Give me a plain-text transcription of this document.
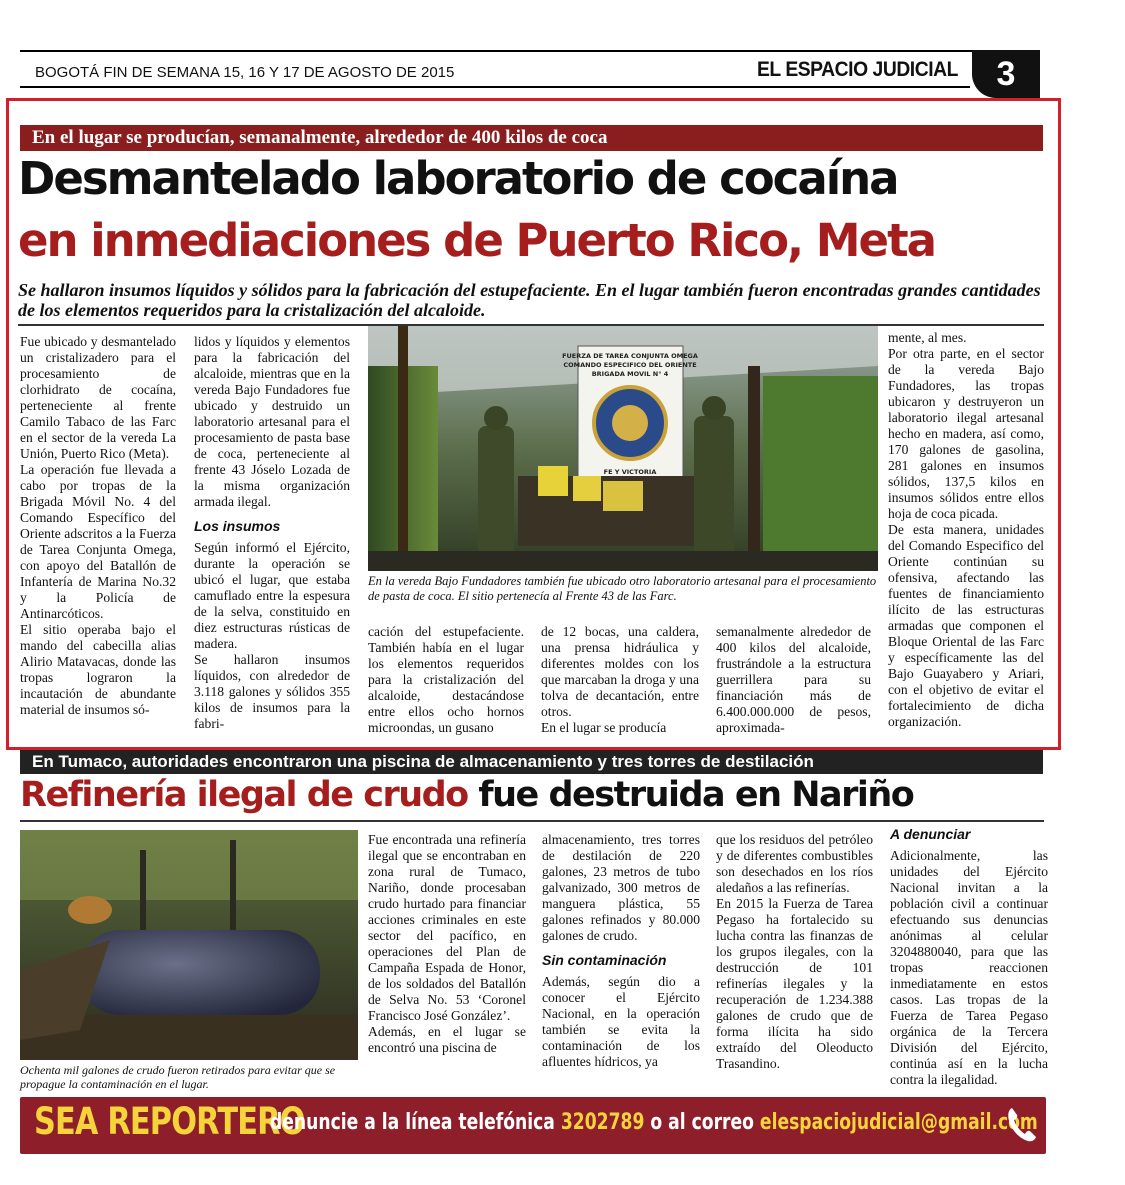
BOGOTÁ FIN DE SEMANA 15, 16 Y 17 DE AGOSTO DE 2015	EL ESPACIO JUDICIAL	3
En el lugar se producían, semanalmente, alrededor de 400 kilos de coca
Desmantelado laboratorio de cocaína
en inmediaciones de Puerto Rico, Meta
Se hallaron insumos líquidos y sólidos para la fabricación del estupefaciente. En el lugar también fueron encontradas grandes cantidades de los elementos requeridos para la cristalización del alcaloide.

Fue ubicado y desmantelado un cristalizadero para el procesamiento de clorhidrato de cocaína, perteneciente al frente Camilo Tabaco de las Farc en el sector de la vereda La Unión, Puerto Rico (Meta).

La operación fue llevada a cabo por tropas de la Brigada Móvil No. 4 del Comando Específico del Oriente adscritos a la Fuerza de Tarea Conjunta Omega, con apoyo del Batallón de Infantería de Marina No.32 y la Policía de Antinarcóticos.

El sitio operaba bajo el mando del cabecilla alias Alirio Matavacas, donde las tropas lograron la incautación de abundante material de insumos só-

lidos y líquidos y elementos para la fabricación del alcaloide, mientras que en la vereda Bajo Fundadores fue ubicado y destruido un laboratorio artesanal para el procesamiento de pasta base de coca, perteneciente al frente 43 Jóselo Lozada de la misma organización armada ilegal.

Los insumos

Según informó el Ejército, durante la operación se ubicó el lugar, que estaba camuflado entre la espesura de la selva, constituido en diez estructuras rústicas de madera.

Se hallaron insumos líquidos, con alrededor de 3.118 galones y sólidos 355 kilos de insumos para la fabri-

FUERZA DE TAREA CONJUNTA OMEGA
COMANDO ESPECIFICO DEL ORIENTE
BRIGADA MOVIL N° 4
FE Y VICTORIA
En la vereda Bajo Fundadores también fue ubicado otro laboratorio artesanal para el procesamiento de pasta de coca. El sitio pertenecía al Frente 43 de las Farc.

cación del estupefaciente. También había en el lugar los elementos requeridos para la cristalización del alcaloide, destacándose entre ellos ocho hornos microondas, un gusano

de 12 bocas, una caldera, una prensa hidráulica y diferentes moldes con los que marcaban la droga y una tolva de decantación, entre otros.

En el lugar se producía

semanalmente alrededor de 400 kilos del alcaloide, frustrándole a la estructura guerrillera para su financiación más de 6.400.000.000 de pesos, aproximada-

mente, al mes.

Por otra parte, en el sector de la vereda Bajo Fundadores, las tropas ubicaron y destruyeron un laboratorio ilegal artesanal hecho en madera, así como, 170 galones de gasolina, 281 galones en insumos sólidos, 137,5 kilos en insumos sólidos entre ellos hoja de coca picada.

De esta manera, unidades del Comando Especifico del Oriente continúan su ofensiva, afectando las fuentes de financiamiento ilícito de las estructuras armadas que componen el Bloque Oriental de las Farc y específicamente las del Bajo Guayabero y Ariari, con el objetivo de evitar el fortalecimiento de dicha organización.

En Tumaco, autoridades encontraron una piscina de almacenamiento y tres torres de destilación
Refinería ilegal de crudo fue destruida en Nariño
Ochenta mil galones de crudo fueron retirados para evitar que se propague la contaminación en el lugar.

Fue encontrada una refinería ilegal que se encontraban en zona rural de Tumaco, Nariño, donde procesaban crudo hurtado para financiar acciones criminales en este sector del pacífico, en operaciones del Plan de Campaña Espada de Honor, de los soldados del Batallón de Selva No. 53 ‘Coronel Francisco José González’.

Además, en el lugar se encontró una piscina de

almacenamiento, tres torres de destilación de 220 galones, 23 metros de tubo galvanizado, 300 metros de manguera plástica, 55 galones refinados y 80.000 galones de crudo.

Sin contaminación

Además, según dio a conocer el Ejército Nacional, en la operación también se evita la contaminación de los afluentes hídricos, ya

que los residuos del petróleo y de diferentes combustibles son desechados en los ríos aledaños a las refinerías.

En 2015 la Fuerza de Tarea Pegaso ha fortalecido su lucha contra las finanzas de los grupos ilegales, con la destrucción de 101 refinerías ilegales y la recuperación de 1.234.388 galones de crudo que de forma ilícita ha sido extraído del Oleoducto Trasandino.

A denunciar

Adicionalmente, las unidades del Ejército Nacional invitan a la población civil a continuar efectuando sus denuncias anónimas al celular 3204880040, para que las tropas reaccionen inmediatamente en estos casos. Las tropas de la Fuerza de Tarea Pegaso orgánica de la Tercera División del Ejército, continúa así en la lucha contra la ilegalidad.

SEA REPORTERO
denuncie a la línea telefónica 3202789 o al correo elespaciojudicial@gmail.com
